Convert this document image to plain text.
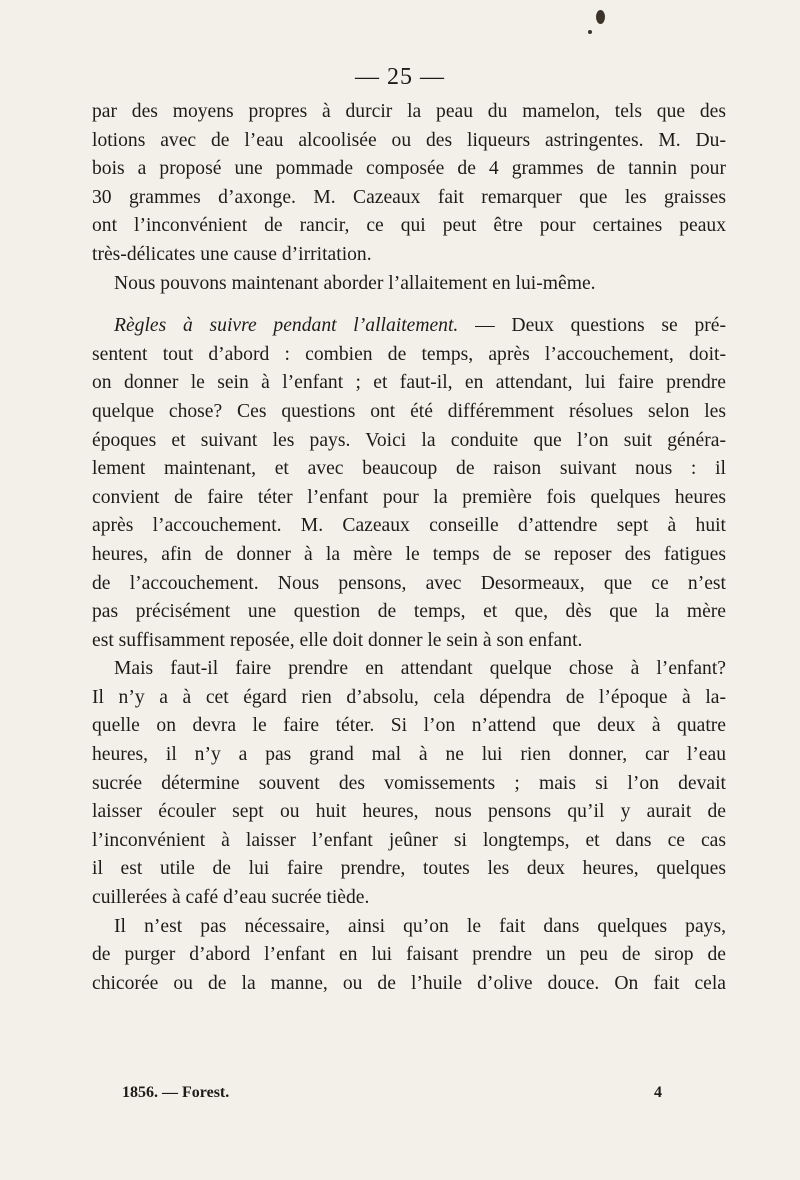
— 25 —
par des moyens propres à durcir la peau du mamelon, tels que des
lotions avec de l’eau alcoolisée ou des liqueurs astringentes. M. Du-
bois a proposé une pommade composée de 4 grammes de tannin pour
30 grammes d’axonge. M. Cazeaux fait remarquer que les graisses
ont l’inconvénient de rancir, ce qui peut être pour certaines peaux
très-délicates une cause d’irritation.
Nous pouvons maintenant aborder l’allaitement en lui-même.
Règles à suivre pendant l’allaitement. — Deux questions se pré-
sentent tout d’abord : combien de temps, après l’accouchement, doit-
on donner le sein à l’enfant ; et faut-il, en attendant, lui faire prendre
quelque chose? Ces questions ont été différemment résolues selon les
époques et suivant les pays. Voici la conduite que l’on suit généra-
lement maintenant, et avec beaucoup de raison suivant nous : il
convient de faire téter l’enfant pour la première fois quelques heures
après l’accouchement. M. Cazeaux conseille d’attendre sept à huit
heures, afin de donner à la mère le temps de se reposer des fatigues
de l’accouchement. Nous pensons, avec Desormeaux, que ce n’est
pas précisément une question de temps, et que, dès que la mère
est suffisamment reposée, elle doit donner le sein à son enfant.
Mais faut-il faire prendre en attendant quelque chose à l’enfant?
Il n’y a à cet égard rien d’absolu, cela dépendra de l’époque à la-
quelle on devra le faire téter. Si l’on n’attend que deux à quatre
heures, il n’y a pas grand mal à ne lui rien donner, car l’eau
sucrée détermine souvent des vomissements ; mais si l’on devait
laisser écouler sept ou huit heures, nous pensons qu’il y aurait de
l’inconvénient à laisser l’enfant jeûner si longtemps, et dans ce cas
il est utile de lui faire prendre, toutes les deux heures, quelques
cuillerées à café d’eau sucrée tiède.
Il n’est pas nécessaire, ainsi qu’on le fait dans quelques pays,
de purger d’abord l’enfant en lui faisant prendre un peu de sirop de
chicorée ou de la manne, ou de l’huile d’olive douce. On fait cela
1856. — Forest.	4
